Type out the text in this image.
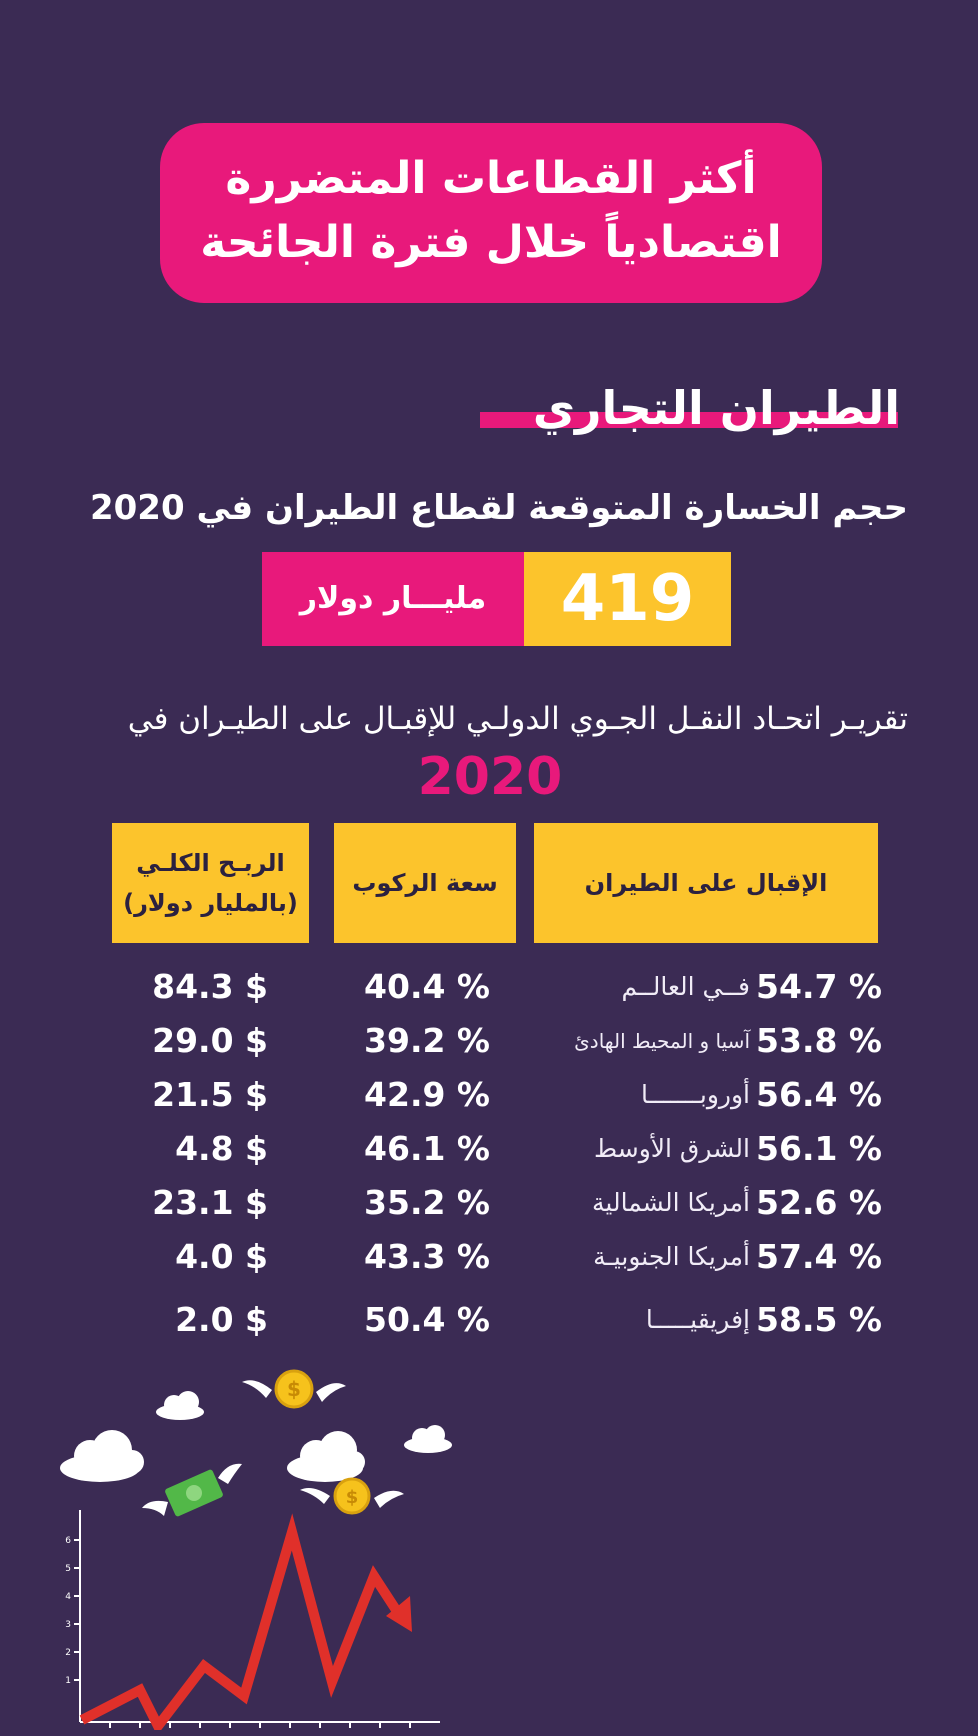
أكثر القطاعات المتضررة
اقتصادياً خلال فترة الجائحة
الطيران التجاري
حجم الخسارة المتوقعة لقطاع الطيران في 2020
مليـــار دولار	419
تقريـر اتحـاد النقـل الجـوي الدولـي للإقبـال على الطيـران في
2020
الإقبال على الطيران
سعة الركوب
الربـح الكلـي
(بالمليار دولار)
54.7 %
فــي العالــم
40.4 %
84.3 $
53.8 %
آسيا و المحيط الهادئ
39.2 %
29.0 $
56.4 %
أوروبـــــــا
42.9 %
21.5 $
56.1 %
الشرق الأوسط
46.1 %
4.8 $
52.6 %
أمريكا الشمالية
35.2 %
23.1 $
57.4 %
أمريكا الجنوبيـة
43.3 %
4.0 $
58.5 %
إفريقيـــــا
50.4 %
2.0 $
$
$
1
2
3
4
5
6
